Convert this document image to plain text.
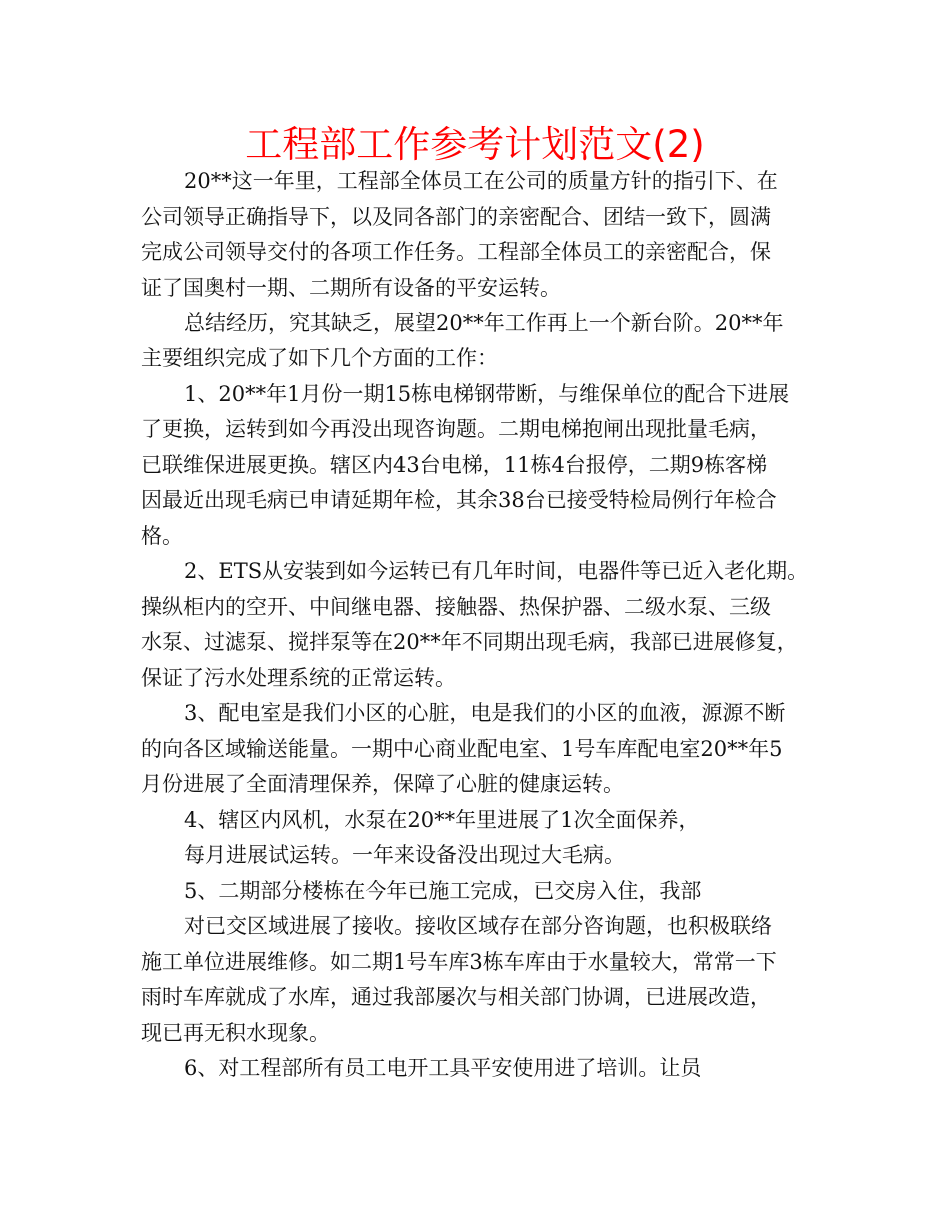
工程部工作参考计划范文(2)
20**这一年里，工程部全体员工在公司的质量方针的指引下、在
公司领导正确指导下，以及同各部门的亲密配合、团结一致下，圆满
完成公司领导交付的各项工作任务。工程部全体员工的亲密配合，保
证了国奥村一期、二期所有设备的平安运转。
总结经历，究其缺乏，展望20**年工作再上一个新台阶。20**年
主要组织完成了如下几个方面的工作：
1、20**年1月份一期15栋电梯钢带断，与维保单位的配合下进展
了更换，运转到如今再没出现咨询题。二期电梯抱闸出现批量毛病，
已联维保进展更换。辖区内43台电梯，11栋4台报停，二期9栋客梯
因最近出现毛病已申请延期年检，其余38台已接受特检局例行年检合
格。
2、ETS从安装到如今运转已有几年时间，电器件等已近入老化期。
操纵柜内的空开、中间继电器、接触器、热保护器、二级水泵、三级
水泵、过滤泵、搅拌泵等在20**年不同期出现毛病，我部已进展修复，
保证了污水处理系统的正常运转。
3、配电室是我们小区的心脏，电是我们的小区的血液，源源不断
的向各区域输送能量。一期中心商业配电室、1号车库配电室20**年5
月份进展了全面清理保养，保障了心脏的健康运转。
4、辖区内风机，水泵在20**年里进展了1次全面保养，
每月进展试运转。一年来设备没出现过大毛病。
5、二期部分楼栋在今年已施工完成，已交房入住，我部
对已交区域进展了接收。接收区域存在部分咨询题，也积极联络
施工单位进展维修。如二期1号车库3栋车库由于水量较大，常常一下
雨时车库就成了水库，通过我部屡次与相关部门协调，已进展改造，
现已再无积水现象。
6、对工程部所有员工电开工具平安使用进了培训。让员
